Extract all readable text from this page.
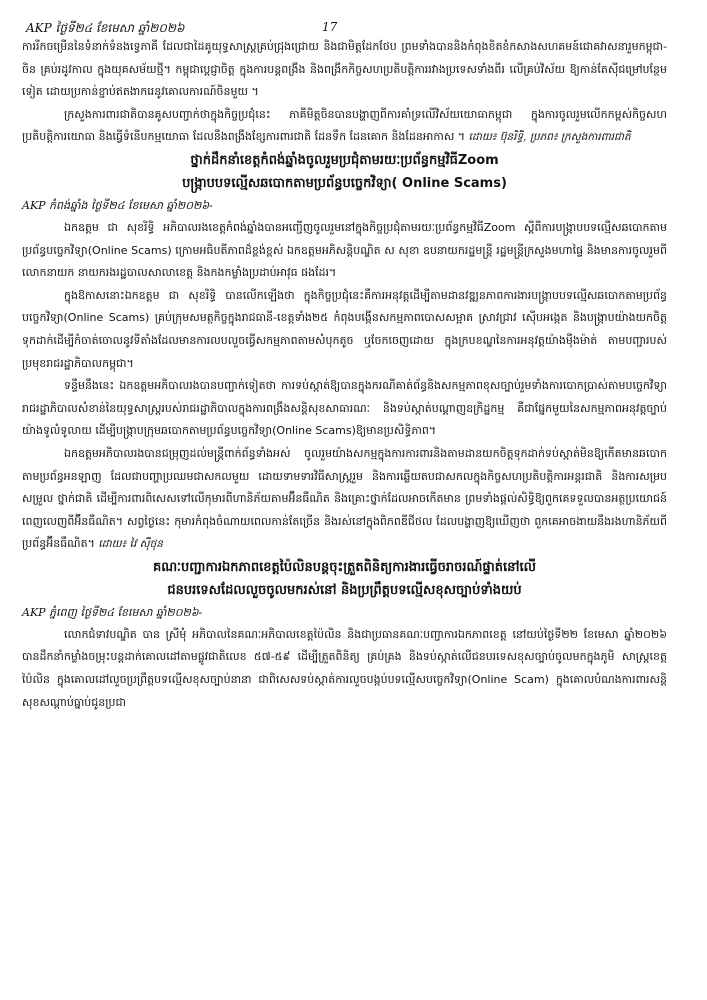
AKP ថ្ងៃទី២៤ ខែមេសា ឆ្នាំ២០២៦	17

ការរីកចម្រើននៃទំនាក់ទំនងទ្វេភាគី ដែលជាដៃគូយុទ្ធសាស្ត្រគ្រប់ជ្រុងជ្រោយ និងជាមិត្តដែកថែប ព្រមទាំងបាននិងកំពុងខិតខំកសាងសហគមន៍ជោគវាសនារួមកម្ពុជា-ចិន គ្រប់រដូវកាល ក្នុងយុគសម័យថ្មី។ កម្ពុជាប្ដេជ្ញាចិត្ត ក្នុងការបន្តពង្រឹង និងពង្រីកកិច្ចសហប្រតិបត្តិការរវាងប្រទេសទាំងពីរ លើគ្រប់វិស័យ ឱ្យកាន់តែស៊ីជម្រៅបន្ថែមទៀត ដោយប្រកាន់ខ្ជាប់ឥតងាករេនូវគោលការណ៍ចិនមួយ ។

ក្រសួងការពារជាតិបានគូសបញ្ជាក់ថាក្នុងកិច្ចប្រជុំនេះ ភាគីមិត្តចិនបានបង្ហាញពីការគាំទ្រលើវិស័យយោធាកម្ពុជា ក្នុងការចូលរួមលើកកម្ពស់កិច្ចសហប្រតិបត្តិការយោធា និងធ្វើទំនើបកម្មយោធា ដែលនឹងពង្រឹងខ្សែការពារជាតិ ដែនទឹក ដែនគោក និងដែនអាកាស ។ ដោយ៖ ប៊ុនរិទ្ធិ, ប្រភព៖ ក្រសួងការពារជាតិ

ថ្នាក់ដឹកនាំខេត្តកំពង់ឆ្នាំងចូលរួមប្រជុំតាមរយៈប្រព័ន្ធកម្មវិធីZoom

បង្ក្រាបបទល្មើសឆបោកតាមប្រព័ន្ធបច្ចេកវិទ្យា( Online Scams)

AKP កំពង់ឆ្នាំង ថ្ងៃទី២៤ ខែមេសា ឆ្នាំ២០២៦-

ឯកឧត្តម ជា សុខរិទ្ធិ អភិបាលរងខេត្តកំពង់ឆ្នាំងបានអញ្ជើញចូលរួមនៅក្នុងកិច្ចប្រជុំតាមរយៈប្រព័ន្ធកម្មវិធីZoom ស្ដីពីការបង្ក្រាបបទល្មើសឆបោកតាមប្រព័ន្ធបច្ចេកវិទ្យា(Online Scams) ក្រោមអធិបតីភាពដ៏ខ្ពង់ខ្ពស់ ឯកឧត្តមអភិសន្តិបណ្ឌិត ស សុខា ឧបនាយករដ្ឋមន្ត្រី រដ្ឋមន្ត្រីក្រសួងមហាផ្ទៃ និងមានការចូលរួមពី លោកនាយក នាយករងរដ្ឋបាលសាលាខេត្ត និងកងកម្លាំងប្រដាប់អាវុធ ផងដែរ។

ក្នុងឱកាសនោះឯកឧត្តម ជា សុខរិទ្ធិ បានលើកឡើងថា ក្នុងកិច្ចប្រជុំនេះគឺការអនុវត្តដើម្បីតាមដានវឌ្ឍនភាពការងារបង្ក្រាបបទល្មើសឆបោកតាមប្រព័ន្ធបច្ចេកវិទ្យា(Online Scams) គ្រប់ក្រុមសមត្ថកិច្ចក្នុងរាជធានី-ខេត្តទាំង២៥ កំពុងបង្កើនសកម្មភាពបោសសម្អាត ស្រាវជ្រាវ ស៊ើបអង្កេត និងបង្ក្រាបយ៉ាងយកចិត្តទុកដាក់ដើម្បីកំចាត់ចោលនូវទីតាំងដែលមានការលបលួចធ្វើសកម្មភាពតាមសំបុកតូច ឬចែកចេញដោយ ក្នុងក្របខណ្ឌនៃការអនុវត្តយ៉ាងម៉ឺងម៉ាត់ តាមបញ្ជារបស់ប្រមុខរាជរដ្ឋាភិបាលកម្ពុជា។

ទន្ទឹមនឹងនេះ ឯកឧត្តមអភិបាលរងបានបញ្ជាក់ទៀតថា ការទប់ស្កាត់ឱ្យបានក្នុងករណីគាត់ព័ន្ធនិងសកម្មភាពខុសច្បាប់រួមទាំងការបោកប្រាស់តាមបច្ចេកវិទ្យា រាជរដ្ឋាភិបាលសំខាន់នៃយុទ្ធសាស្ត្ររបស់រាជរដ្ឋាភិបាលក្នុងការពង្រឹងសន្តិសុខសាធារណៈ និងទប់ស្កាត់បណ្តាញឧក្រិដ្ឋកម្ម គឺជាផ្នែកមួយនៃសកម្មភាពអនុវត្តច្បាប់យ៉ាងទូលំទូលាយ ដើម្បីបង្ក្រាបក្រុមឆបោកតាមប្រព័ន្ធបច្ចេកវិទ្យា(Online Scams)ឱ្យមានប្រសិទ្ធិភាព។

ឯកឧត្តមអភិបាលរងបានជម្រុញដល់មន្ត្រីពាក់ព័ន្ធទាំងអស់ ចូលរួមយ៉ាងសកម្មក្នុងការការពារនិងតាមដានយកចិត្តទុកដាក់ទប់ស្កាត់មិនឱ្យកើតមានឆបោកតាមប្រព័ន្ធអនឡាញ ដែលជាបញ្ហាប្រឈមជាសកលមួយ ដោយទាមទារវិធីសាស្ត្ររួម និងការឆ្លើយតបជាសកលក្នុងកិច្ចសហប្រតិបត្តិការអន្តរជាតិ និងការសម្របសម្រួល ថ្នាក់ជាតិ ដើម្បីការពារពិសេសទៅលើកុមារពីហានិភ័យតាមអ៊ីនធឺណិត និងគ្រោះថ្នាក់ដែលអាចកើតមាន ព្រមទាំងផ្ដល់សិទ្ធិឱ្យពួកគេទទួលបានអត្ថប្រយោជន៍ពេញលេញពីអ៊ីនធឺណិត។ សព្វថ្ងៃនេះ កុមារកំពុងចំណាយពេលកាន់តែច្រើន និងរស់នៅក្នុងពិភពឌីជីថល ដែលបង្ហាញឱ្យឃើញថា ពួកគេអាចងាយនឹងរងហានិភ័យពីប្រព័ន្ធអ៊ីនធឺណិត។ ដោយ៖ វៃ ស៊ីថុន

គណៈបញ្ជាការឯកភាពខេត្តប៉ៃលិនបន្តចុះត្រួតពិនិត្យការងារធ្វើចរាចរណ៍ផ្ទាត់នៅលើ

ជនបរទេសដែលលួចចូលមករស់នៅ និងប្រព្រឹត្តបទល្មើសខុសច្បាប់ទាំងយប់

AKP ភ្នំពេញ ថ្ងៃទី២៤ ខែមេសា ឆ្នាំ២០២៦-

លោកជំទាវបណ្ឌិត បាន ស្រីមុំ អភិបាលនៃគណៈអភិបាលខេត្តប៉ៃលិន និងជាប្រធានគណៈបញ្ជាការឯកភាពខេត្ត នៅយប់ថ្ងៃទី២២ ខែមេសា ឆ្នាំ២០២៦ បានដឹកនាំកម្លាំងចម្រុះបន្តដាក់គោលដៅតាមផ្លូវជាតិលេខ ៥៧-៥៩ ដើម្បីត្រួតពិនិត្យ គ្រប់គ្រង និងទប់ស្កាត់លើជនបរទេសខុសច្បាប់ចូលមកក្នុងភូមិ សាស្ត្រខេត្តប៉ៃលិន ក្នុងគោលដៅលួចប្រព្រឹត្តបទល្មើសខុសច្បាប់នានា ជាពិសេសទប់ស្កាត់ការលួចបង្កប់បទល្មើសបច្ចេកវិទ្យា(Online Scam) ក្នុងគោលបំណងការពារសន្តិសុខសណ្ដាប់ធ្នាប់ជូនប្រជា
